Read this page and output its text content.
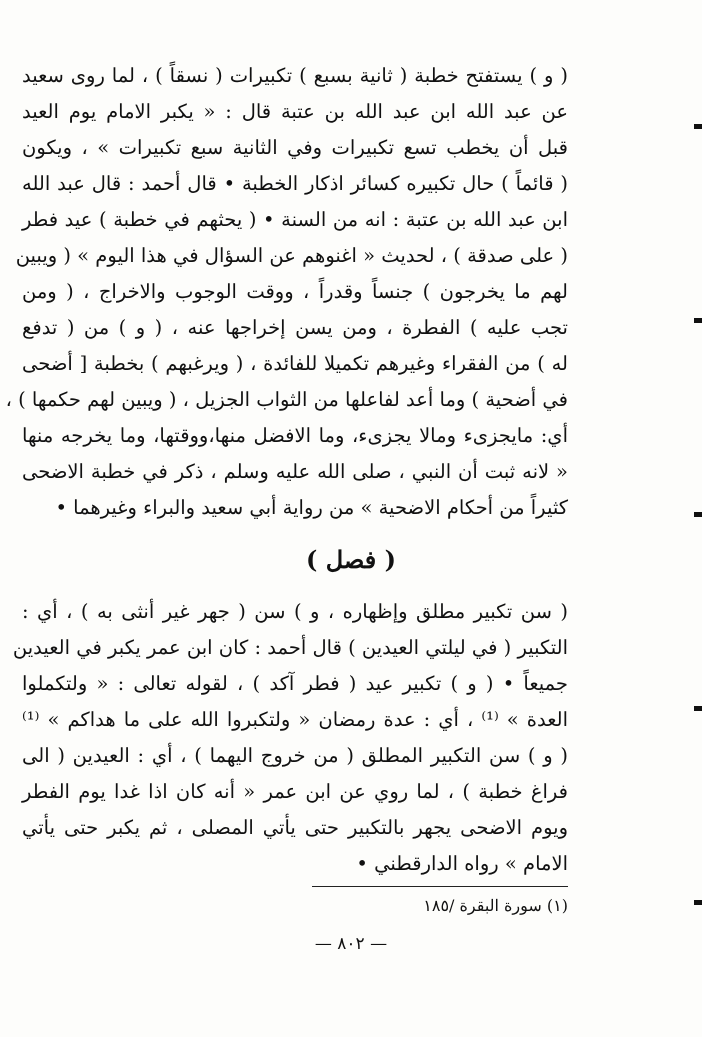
( و ) يستفتح خطبة ( ثانية بسبع ) تكبيرات ( نسقاً ) ، لما روى سعيد
عن عبد الله ابن عبد الله بن عتبة قال : « يكبر الامام يوم العيد
قبل أن يخطب تسع تكبيرات وفي الثانية سبع تكبيرات » ، ويكون
( قائماً ) حال تكبيره كسائر اذكار الخطبة • قال أحمد : قال عبد الله
ابن عبد الله بن عتبة : انه من السنة • ( يحثهم في خطبة ) عيد فطر
( على صدقة ) ، لحديث « اغنوهم عن السؤال في هذا اليوم » ( ويبين
لهم ما يخرجون ) جنساً وقدراً ، ووقت الوجوب والاخراج ، ( ومن
تجب عليه ) الفطرة ، ومن يسن إخراجها عنه ، ( و ) من ( تدفع
له ) من الفقراء وغيرهم تكميلا للفائدة ، ( ويرغبهم ) بخطبة [ أضحى
في أضحية ) وما أعد لفاعلها من الثواب الجزيل ، ( ويبين لهم حكمها ) ،
أي: مايجزىء ومالا يجزىء، وما الافضل منها،ووقتها، وما يخرجه منها
« لانه ثبت أن النبي ، صلى الله عليه وسلم ، ذكر في خطبة الاضحى
كثيراً من أحكام الاضحية » من رواية أبي سعيد والبراء وغيرهما •
( فصل )
( سن تكبير مطلق وإظهاره ، و ) سن ( جهر غير أنثى به ) ، أي :
التكبير ( في ليلتي العيدين ) قال أحمد : كان ابن عمر يكبر في العيدين
جميعاً • ( و ) تكبير عيد ( فطر آكد ) ، لقوله تعالى : « ولتكملوا
العدة » ⁽¹⁾ ، أي : عدة رمضان « ولتكبروا الله على ما هداكم » ⁽¹⁾
( و ) سن التكبير المطلق ( من خروج اليهما ) ، أي : العيدين ( الى
فراغ خطبة ) ، لما روي عن ابن عمر « أنه كان اذا غدا يوم الفطر
ويوم الاضحى يجهر بالتكبير حتى يأتي المصلى ، ثم يكبر حتى يأتي
الامام » رواه الدارقطني •
(١) سورة البقرة /١٨٥
— ٨٠٢ —
